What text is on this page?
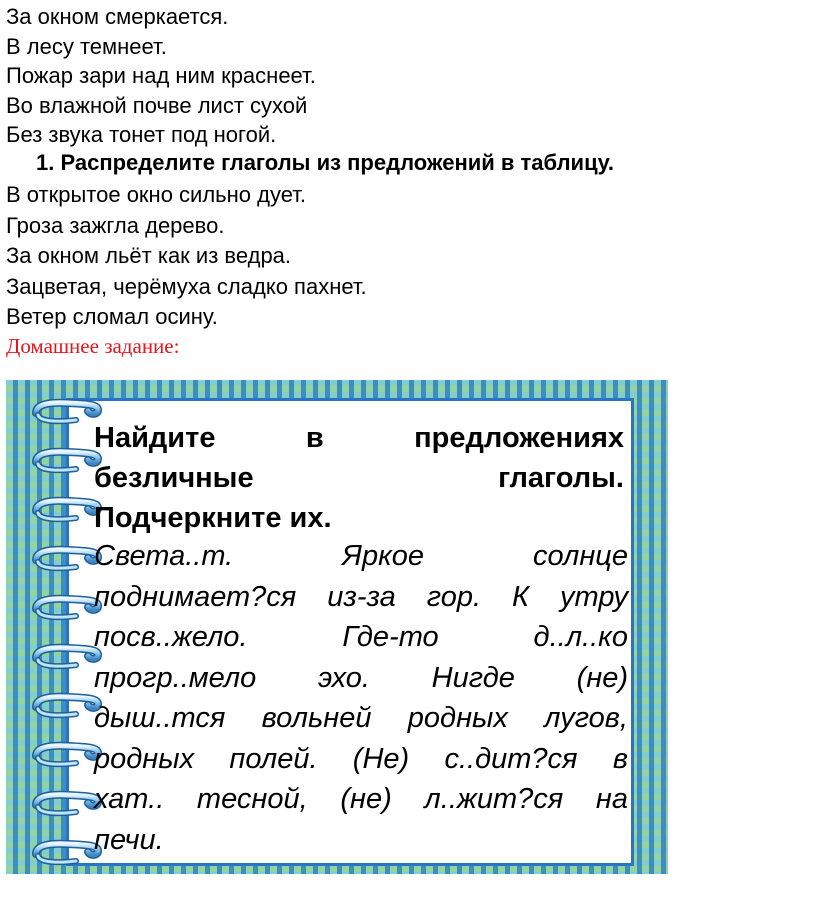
За окном смеркается.
В лесу темнеет.
Пожар зари над ним краснеет.
Во влажной почве лист сухой
Без звука тонет под ногой.
1. Распределите глаголы из предложений в таблицу.
В открытое окно сильно дует.
Гроза зажгла дерево.
За окном льёт как из ведра.
Зацветая, черёмуха сладко пахнет.
Ветер сломал осину.
Домашнее задание:
Найдите в предложениях
безличные глаголы.
Подчеркните их.
Света..т. Яркое солнце
поднимает?ся из-за гор. К утру
посв..жело. Где-то д..л..ко
прогр..мело эхо. Нигде (не)
дыш..тся вольней родных лугов,
родных полей. (Не) с..дит?ся в
хат.. тесной, (не) л..жит?ся на
печи.
